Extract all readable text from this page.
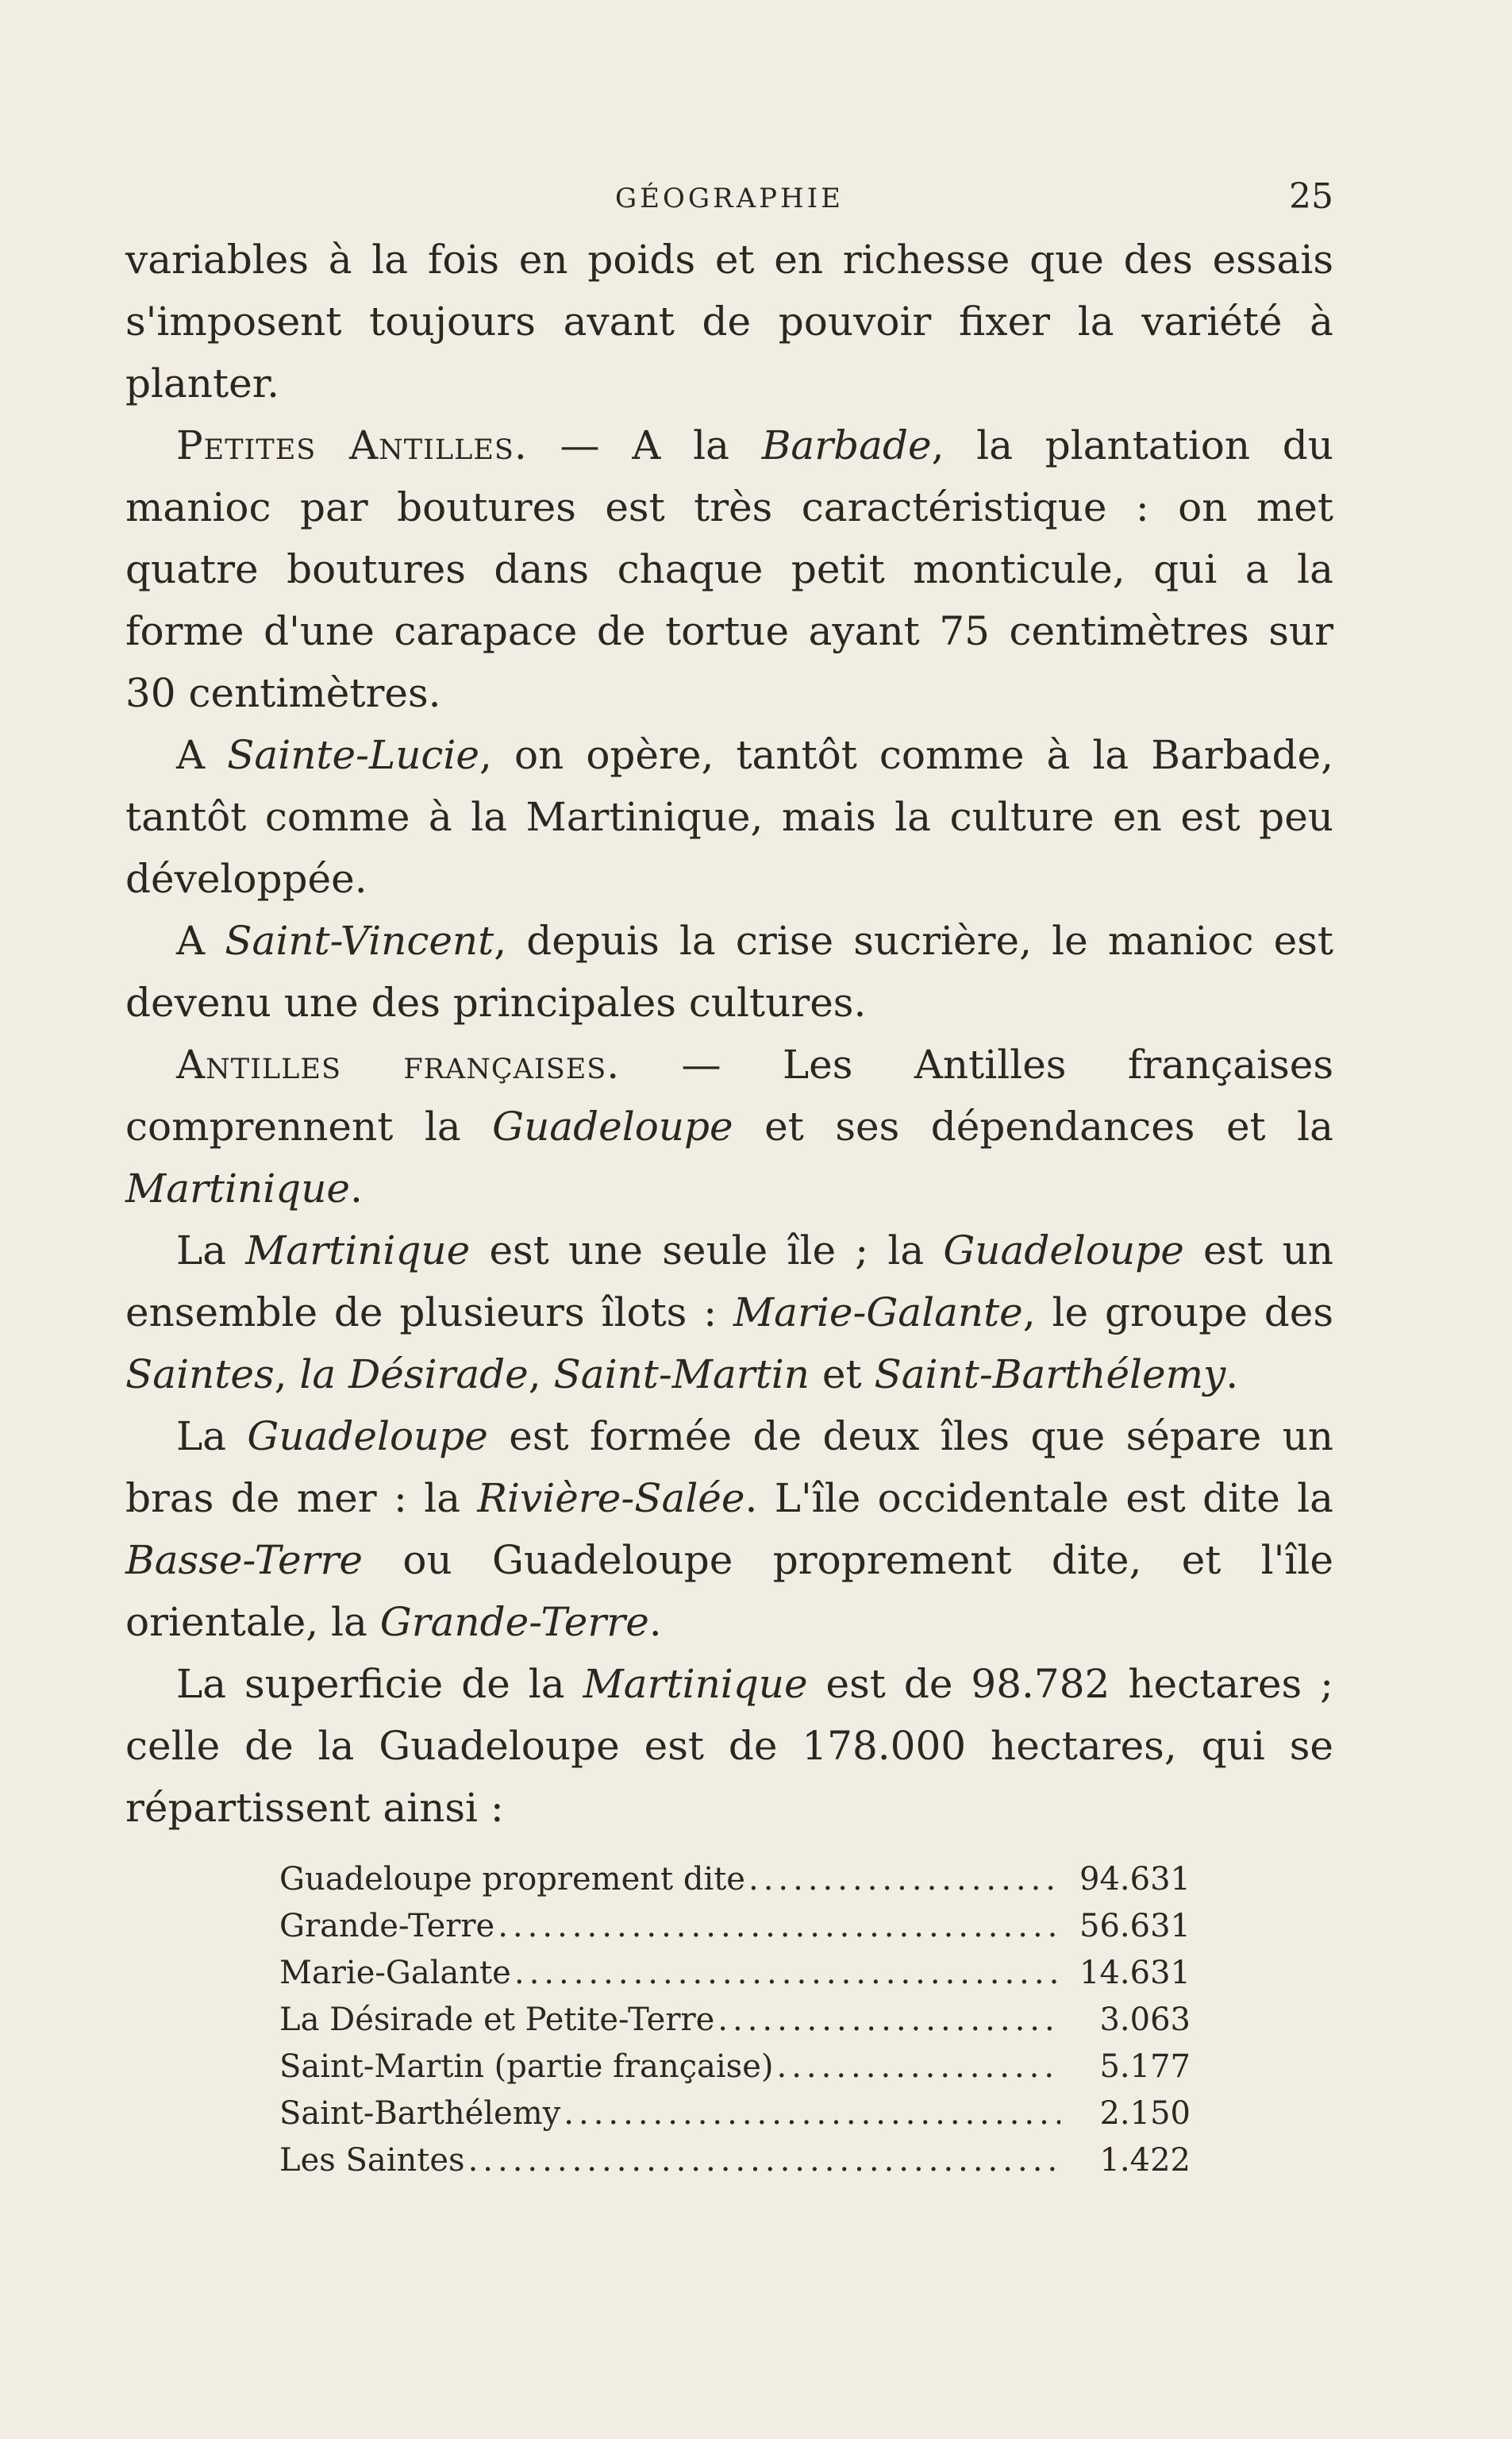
GÉOGRAPHIE	25

variables à la fois en poids et en richesse que des essais s'imposent toujours avant de pouvoir fixer la variété à planter.

Petites Antilles. — A la Barbade, la plantation du manioc par boutures est très caractéristique : on met quatre boutures dans chaque petit monticule, qui a la forme d'une carapace de tortue ayant 75 centimètres sur 30 centimètres.

A Sainte-Lucie, on opère, tantôt comme à la Barbade, tantôt comme à la Martinique, mais la culture en est peu développée.

A Saint-Vincent, depuis la crise sucrière, le manioc est devenu une des principales cultures.

Antilles françaises. — Les Antilles françaises comprennent la Guadeloupe et ses dépendances et la Martinique.

La Martinique est une seule île ; la Guadeloupe est un ensemble de plusieurs îlots : Marie-Galante, le groupe des Saintes, la Désirade, Saint-Martin et Saint-Barthélemy.

La Guadeloupe est formée de deux îles que sépare un bras de mer : la Rivière-Salée. L'île occidentale est dite la Basse-Terre ou Guadeloupe proprement dite, et l'île orientale, la Grande-Terre.

La superficie de la Martinique est de 98.782 hectares ; celle de la Guadeloupe est de 178.000 hectares, qui se répartissent ainsi :

Guadeloupe proprement dite .....	94.631
Grande-Terre .....	56.631
Marie-Galante .....	14.631
La Désirade et Petite-Terre .....	3.063
Saint-Martin (partie française) .....	5.177
Saint-Barthélemy .....	2.150
Les Saintes .....	1.422
